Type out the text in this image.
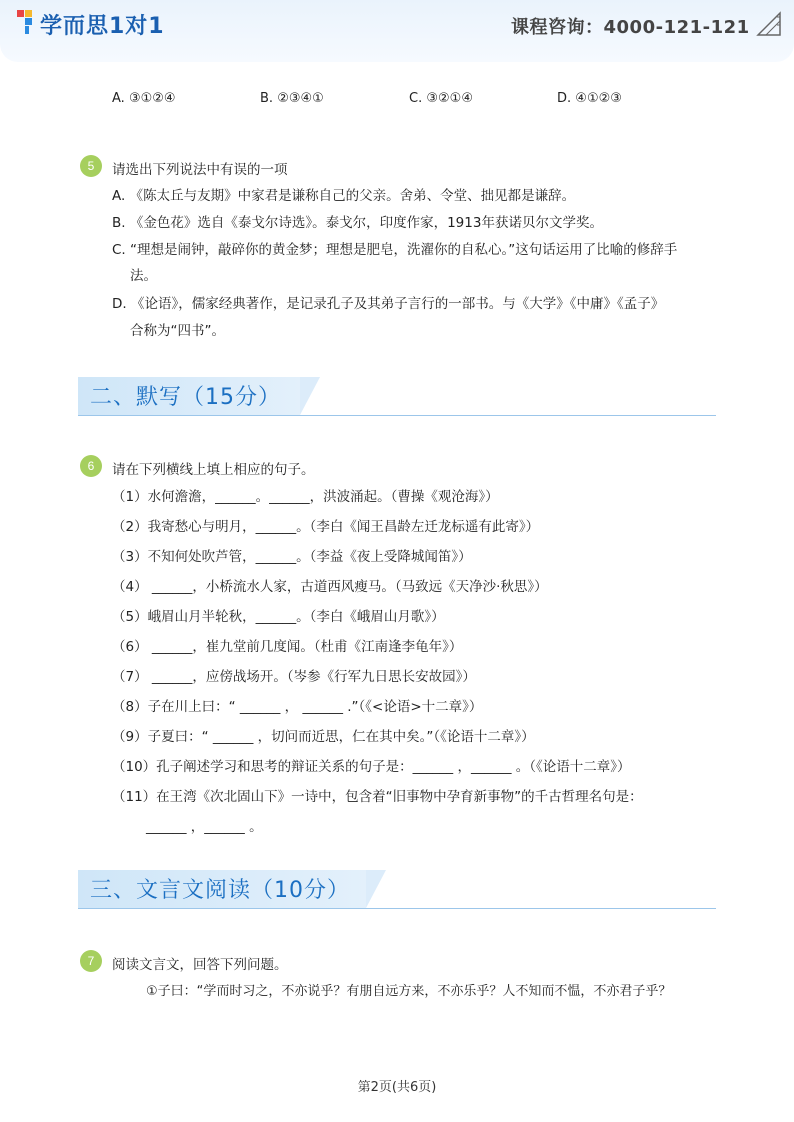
学而思1对1	课程咨询：4000-121-121
A. ③①②④	B. ②③④①	C. ③②①④	D. ④①②③
5	请选出下列说法中有误的一项
A. 《陈太丘与友期》中家君是谦称自己的父亲。舍弟、令堂、拙见都是谦辞。
B. 《金色花》选自《泰戈尔诗选》。泰戈尔，印度作家，1913年获诺贝尔文学奖。
C. “理想是闹钟，敲碎你的黄金梦；理想是肥皂，洗濯你的自私心。”这句话运用了比喻的修辞手
法。
D. 《论语》，儒家经典著作，是记录孔子及其弟子言行的一部书。与《大学》《中庸》《孟子》
合称为“四书”。
二、默写（15分）
6	请在下列横线上填上相应的句子。
（1）水何澹澹，______。______，洪波涌起。（曹操《观沧海》）
（2）我寄愁心与明月，______。（李白《闻王昌龄左迁龙标遥有此寄》）
（3）不知何处吹芦管，______。（李益《夜上受降城闻笛》）
（4） ______，小桥流水人家，古道西风瘦马。（马致远《天净沙·秋思》）
（5）峨眉山月半轮秋，______。（李白《峨眉山月歌》）
（6） ______，崔九堂前几度闻。（杜甫《江南逢李龟年》）
（7） ______，应傍战场开。（岑参《行军九日思长安故园》）
（8）子在川上曰：“ ______ ， ______ .”（《<论语>十二章》）
（9）子夏曰：“ ______ ，切问而近思，仁在其中矣。”（《论语十二章》）
（10）孔子阐述学习和思考的辩证关系的句子是：______ ，______ 。（《论语十二章》）
（11）在王湾《次北固山下》一诗中，包含着“旧事物中孕育新事物”的千古哲理名句是：
______ ，______ 。
三、文言文阅读（10分）
7	阅读文言文，回答下列问题。
①子曰：“学而时习之，不亦说乎？有朋自远方来，不亦乐乎？人不知而不愠，不亦君子乎？
第2页(共6页)
